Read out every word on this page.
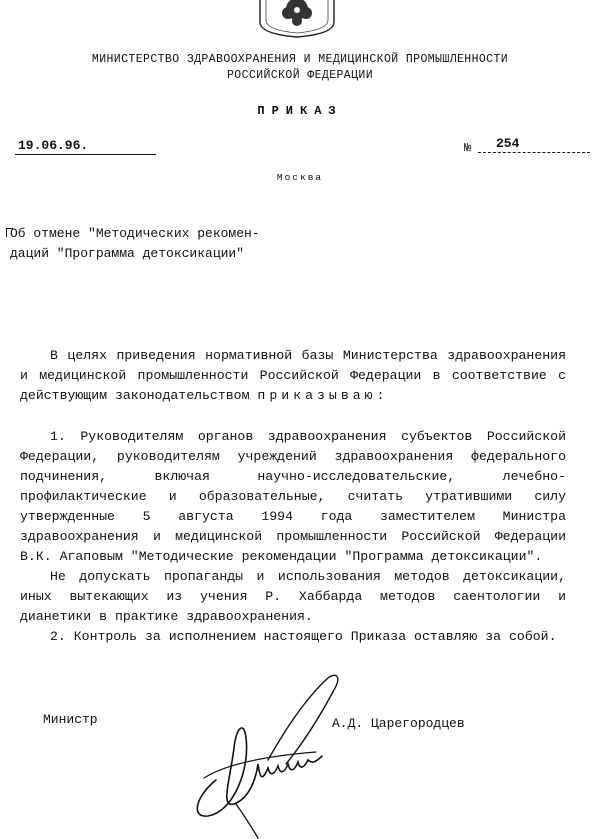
МИНИСТЕРСТВО ЗДРАВООХРАНЕНИЯ И МЕДИЦИНСКОЙ ПРОМЫШЛЕННОСТИ
РОССИЙСКОЙ ФЕДЕРАЦИИ
ПРИКАЗ
19.06.96.	№	254
Москва
Об отмене "Методических рекомен-
даций "Программа детоксикации"

В целях приведения нормативной базы Министерства здравоохранения и медицинской промышленности Российской Федерации в соответствие с действующим законодательством приказываю:

1. Руководителям органов здравоохранения субъектов Российской Федерации, руководителям учреждений здравоохранения федерального подчинения, включая научно-исследовательские, лечебно-профилактические и образовательные, считать утратившими силу утвержденные 5 августа 1994 года заместителем Министра здравоохранения и медицинской промышленности Российской Федерации В.К. Агаповым "Методические рекомендации "Программа детоксикации".

Не допускать пропаганды и использования методов детоксикации, иных вытекающих из учения Р. Хаббарда методов саентологии и дианетики в практике здравоохранения.

2. Контроль за исполнением настоящего Приказа оставляю за собой.

Министр	А.Д. Царегородцев
